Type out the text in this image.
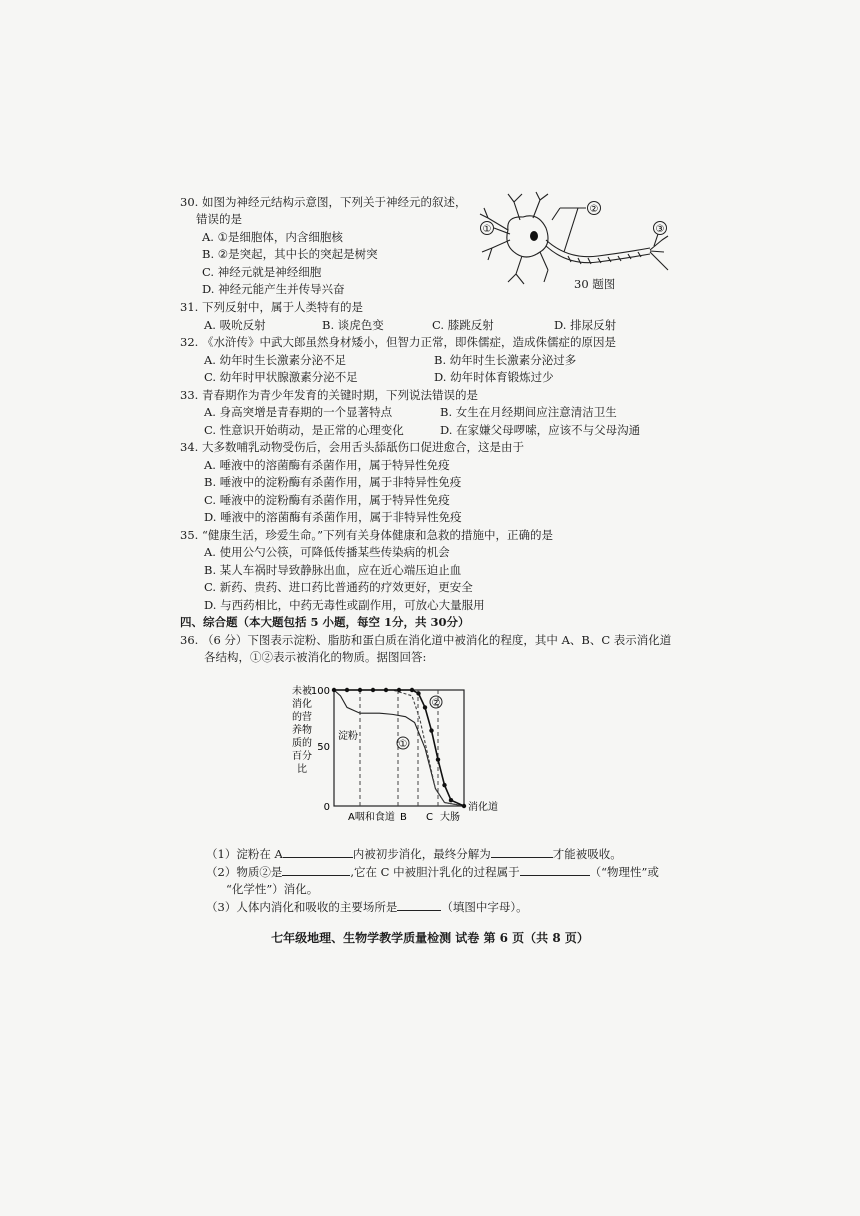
30. 如图为神经元结构示意图，下列关于神经元的叙述，
错误的是
A. ①是细胞体，内含细胞核
B. ②是突起，其中长的突起是树突
C. 神经元就是神经细胞
D. 神经元能产生并传导兴奋
①
②
③
30 题图
31. 下列反射中，属于人类特有的是
A. 吸吮反射	B. 谈虎色变	C. 膝跳反射	D. 排尿反射
32. 《水浒传》中武大郎虽然身材矮小，但智力正常，即侏儒症，造成侏儒症的原因是
A. 幼年时生长激素分泌不足	B. 幼年时生长激素分泌过多
C. 幼年时甲状腺激素分泌不足	D. 幼年时体育锻炼过少
33. 青春期作为青少年发育的关键时期，下列说法错误的是
A. 身高突增是青春期的一个显著特点	B. 女生在月经期间应注意清洁卫生
C. 性意识开始萌动，是正常的心理变化	D. 在家嫌父母啰嗦，应该不与父母沟通
34. 大多数哺乳动物受伤后，会用舌头舔舐伤口促进愈合，这是由于
A. 唾液中的溶菌酶有杀菌作用，属于特异性免疫
B. 唾液中的淀粉酶有杀菌作用，属于非特异性免疫
C. 唾液中的淀粉酶有杀菌作用，属于特异性免疫
D. 唾液中的溶菌酶有杀菌作用，属于非特异性免疫
35. “健康生活，珍爱生命。”下列有关身体健康和急救的措施中，正确的是
A. 使用公勺公筷，可降低传播某些传染病的机会
B. 某人车祸时导致静脉出血，应在近心端压迫止血
C. 新药、贵药、进口药比普通药的疗效更好，更安全
D. 与西药相比，中药无毒性或副作用，可放心大量服用
四、综合题（本大题包括 5 小题，每空 1分，共 30分）
36. （6 分）下图表示淀粉、脂肪和蛋白质在消化道中被消化的程度，其中 A、B、C 表示消化道
各结构，①②表示被消化的物质。据图回答:
未被
消化
的营
养物
质的
百分
比
100
50
0
淀粉
①
②
A咽和食道 B C 大肠
消化道
（1）淀粉在 A	内被初步消化，最终分解为	才能被吸收。
（2）物质②是	,它在 C 中被胆汁乳化的过程属于	（“物理性”或
“化学性”）消化。
（3）人体内消化和吸收的主要场所是	（填图中字母）。
七年级地理、生物学教学质量检测 试卷 第 6 页（共 8 页）
